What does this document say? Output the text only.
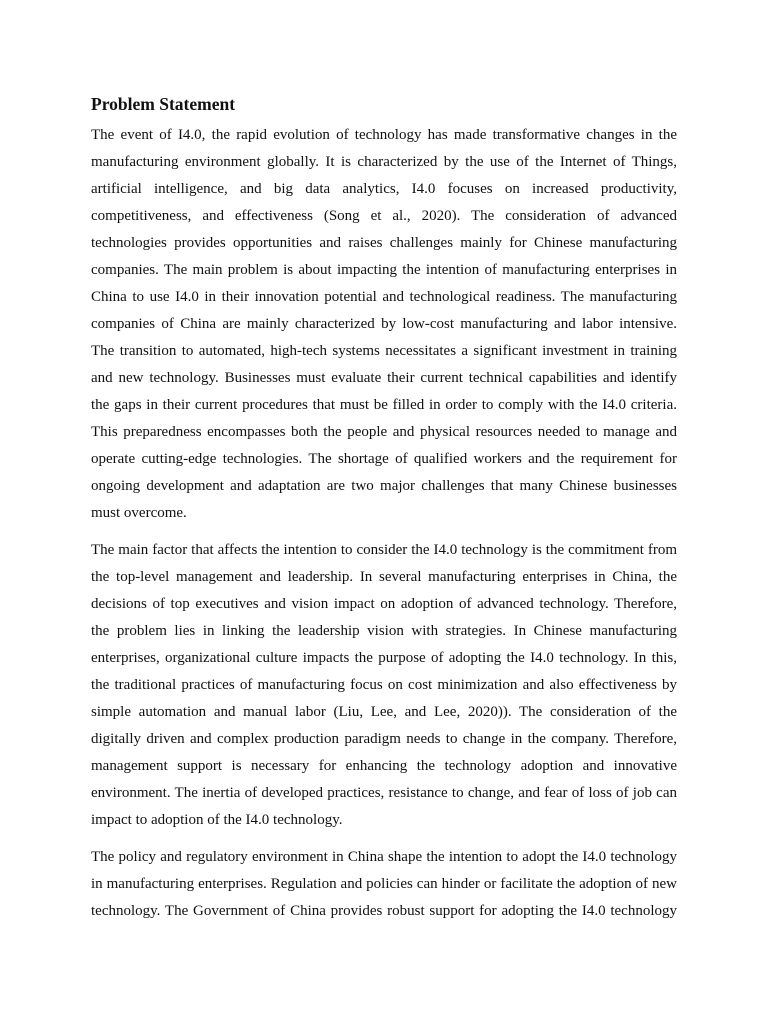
Problem Statement
The event of I4.0, the rapid evolution of technology has made transformative changes in the
manufacturing environment globally. It is characterized by the use of the Internet of Things,
artificial intelligence, and big data analytics, I4.0 focuses on increased productivity,
competitiveness, and effectiveness (Song et al., 2020). The consideration of advanced
technologies provides opportunities and raises challenges mainly for Chinese manufacturing
companies. The main problem is about impacting the intention of manufacturing enterprises in
China to use I4.0 in their innovation potential and technological readiness. The manufacturing
companies of China are mainly characterized by low-cost manufacturing and labor intensive.
The transition to automated, high-tech systems necessitates a significant investment in training
and new technology. Businesses must evaluate their current technical capabilities and identify
the gaps in their current procedures that must be filled in order to comply with the I4.0 criteria.
This preparedness encompasses both the people and physical resources needed to manage and
operate cutting-edge technologies. The shortage of qualified workers and the requirement for
ongoing development and adaptation are two major challenges that many Chinese businesses
must overcome.
The main factor that affects the intention to consider the I4.0 technology is the commitment from
the top-level management and leadership. In several manufacturing enterprises in China, the
decisions of top executives and vision impact on adoption of advanced technology. Therefore,
the problem lies in linking the leadership vision with strategies. In Chinese manufacturing
enterprises, organizational culture impacts the purpose of adopting the I4.0 technology. In this,
the traditional practices of manufacturing focus on cost minimization and also effectiveness by
simple automation and manual labor (Liu, Lee, and Lee, 2020)). The consideration of the
digitally driven and complex production paradigm needs to change in the company. Therefore,
management support is necessary for enhancing the technology adoption and innovative
environment. The inertia of developed practices, resistance to change, and fear of loss of job can
impact to adoption of the I4.0 technology.
The policy and regulatory environment in China shape the intention to adopt the I4.0 technology
in manufacturing enterprises. Regulation and policies can hinder or facilitate the adoption of new
technology. The Government of China provides robust support for adopting the I4.0 technology
